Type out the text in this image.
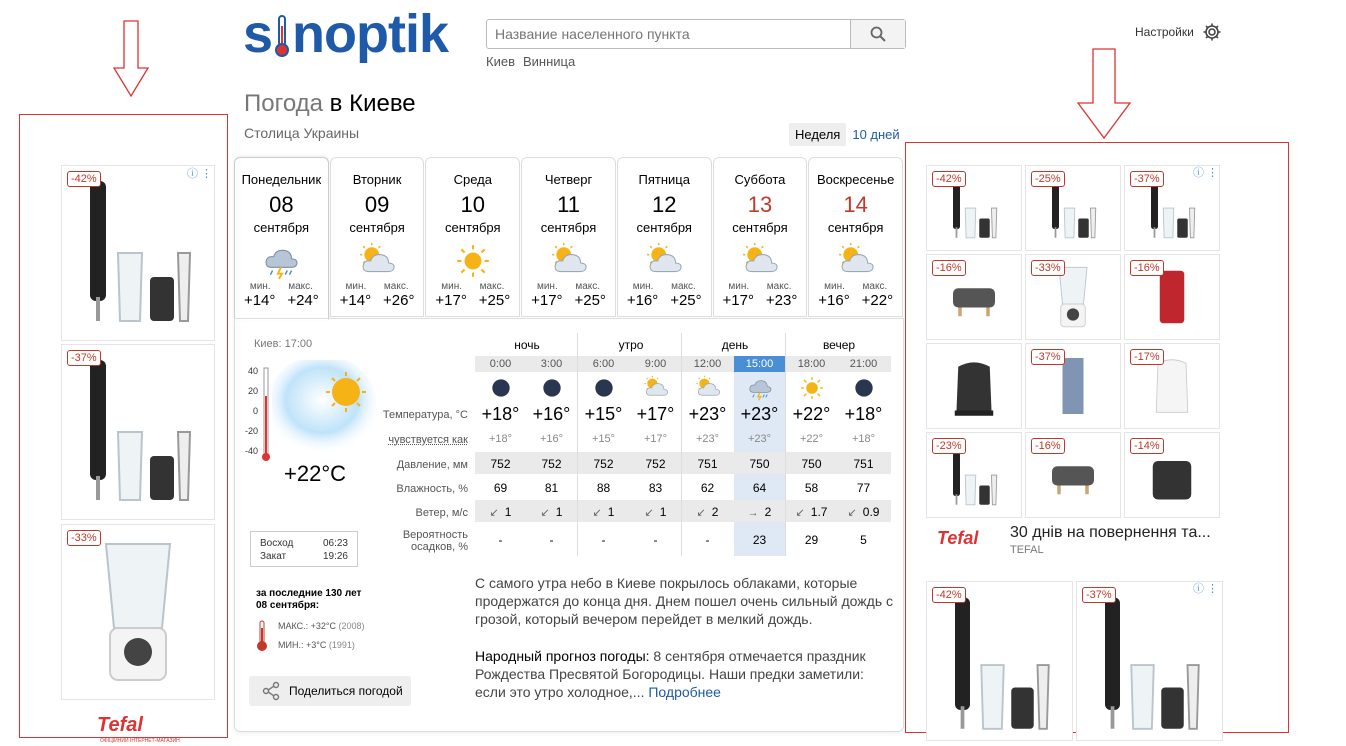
s noptik
Название населенного пункта	Киев Винница
Настройки
Погода в Киеве
Столица Украины	Неделя 10 дней
Понедельник
08
сентября
мин. макс.
+14° +24°
Вторник
09
сентября
мин. макс.
+14° +26°
Среда
10
сентября
мин. макс.
+17° +25°
Четверг
11
сентября
мин. макс.
+17° +25°
Пятница
12
сентября
мин. макс.
+16° +25°
Суббота
13
сентября
мин. макс.
+17° +23°
Воскресенье
14
сентября
мин. макс.
+16° +22°
Киев: 17:00
40
20
0
-20
-40
+22°C
Восход	06:23
Закат	19:26
за последние 130 лет
08 сентября:
МАКС.: +32°C (2008)
МИН.: +3°C (1991)
Поделиться погодой
ночь	утро	день	вечер
0:00	3:00	6:00	9:00	12:00	15:00	18:00	21:00
Температура, °C +18° +16° +15° +17° +23° +23° +22° +18°
чувствуется как	+18°	+16°	+15°	+17°	+23°	+23°	+22°	+18°
Давление, мм	752	752	752	752	751	750	750	751
Влажность, %	69	81	88	83	62	64	58	77
Ветер, м/с	↙ 1	↙ 1	↙ 1	↙ 1	↙ 2	→ 2	↙ 1.7	↙ 0.9
Вероятность осадков, %	-	-	-	-	-	23	29	5
С самого утра небо в Киеве покрылось облаками, которые продержатся до конца дня. Днем пошел очень сильный дождь с грозой, который вечером перейдет в мелкий дождь.
Народный прогноз погоды: 8 сентября отмечается праздник Рождества Пресвятой Богородицы. Наши предки заметили: если это утро холодное,... Подробнее
-42%
-37%
-33%
ⓘ ⋮
Tefal
ОФІЦІЙНИЙ ІНТЕРНЕТ-МАГАЗИН
-42%	-25%	-37%
-16%	-33%	-16%
-37%	-17%
-23%	-16%	-14%
ⓘ ⋮
Tefal 30 днів на повернення та...
TEFAL
-42%	-37%	ⓘ ⋮
